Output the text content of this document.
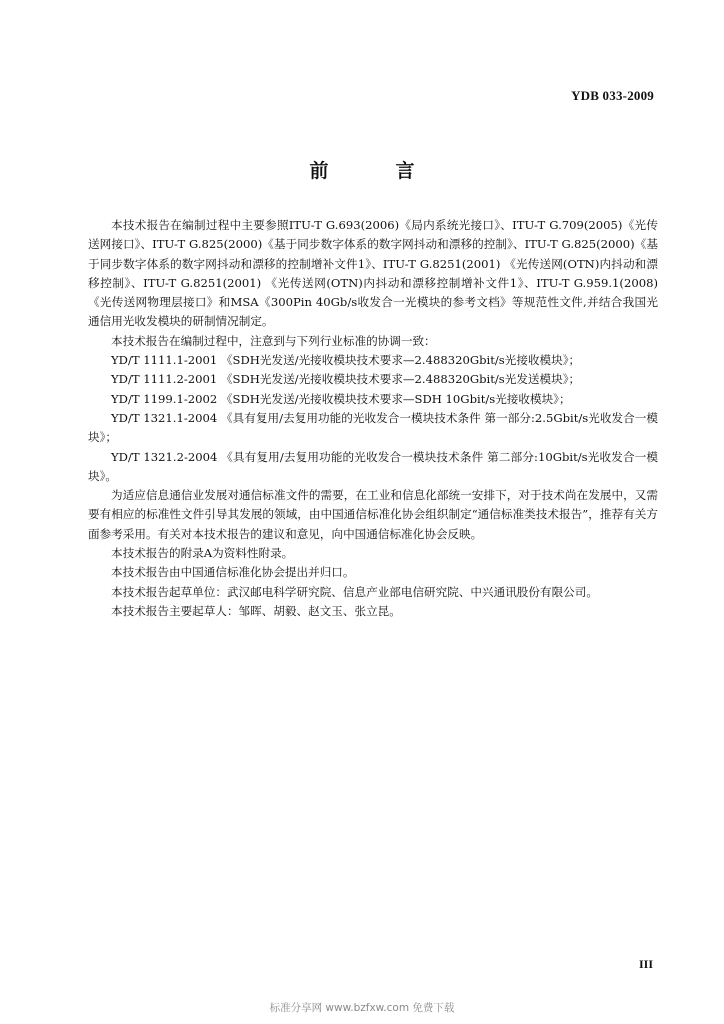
YDB 033-2009
前　言

本技术报告在编制过程中主要参照ITU-T G.693(2006)《局内系统光接口》、ITU-T G.709(2005)《光传送网接口》、ITU-T G.825(2000)《基于同步数字体系的数字网抖动和漂移的控制》、ITU-T G.825(2000)《基于同步数字体系的数字网抖动和漂移的控制增补文件1》、ITU-T G.8251(2001) 《光传送网(OTN)内抖动和漂移控制》、ITU-T G.8251(2001) 《光传送网(OTN)内抖动和漂移控制增补文件1》、ITU-T G.959.1(2008) 《光传送网物理层接口》和MSA《300Pin 40Gb/s收发合一光模块的参考文档》等规范性文件,并结合我国光通信用光收发模块的研制情况制定。

本技术报告在编制过程中，注意到与下列行业标准的协调一致：

YD/T 1111.1-2001 《SDH光发送/光接收模块技术要求—2.488320Gbit/s光接收模块》；

YD/T 1111.2-2001 《SDH光发送/光接收模块技术要求—2.488320Gbit/s光发送模块》；

YD/T 1199.1-2002 《SDH光发送/光接收模块技术要求—SDH 10Gbit/s光接收模块》；

YD/T 1321.1-2004 《具有复用/去复用功能的光收发合一模块技术条件 第一部分:2.5Gbit/s光收发合一模块》；

YD/T 1321.2-2004 《具有复用/去复用功能的光收发合一模块技术条件 第二部分:10Gbit/s光收发合一模块》。

为适应信息通信业发展对通信标准文件的需要，在工业和信息化部统一安排下，对于技术尚在发展中，又需要有相应的标准性文件引导其发展的领域，由中国通信标准化协会组织制定“通信标准类技术报告”，推荐有关方面参考采用。有关对本技术报告的建议和意见，向中国通信标准化协会反映。

本技术报告的附录A为资料性附录。

本技术报告由中国通信标准化协会提出并归口。

本技术报告起草单位：武汉邮电科学研究院、信息产业部电信研究院、中兴通讯股份有限公司。

本技术报告主要起草人：邹晖、胡毅、赵文玉、张立昆。

III
标准分享网 www.bzfxw.com 免费下载
